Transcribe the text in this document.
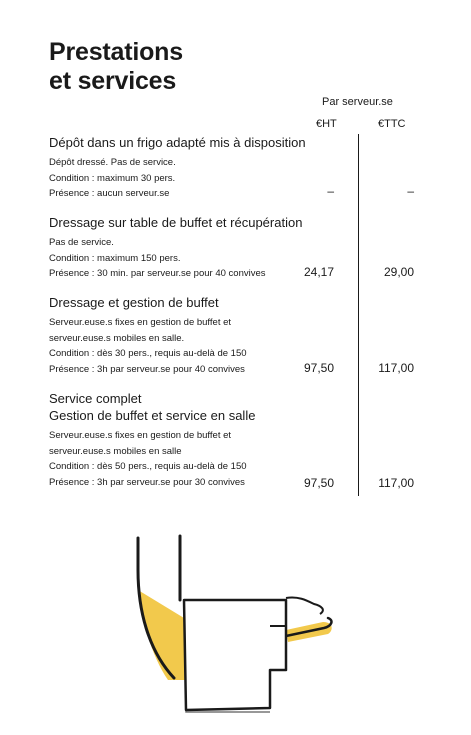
Prestations
et services
Par serveur.se
€HT	€TTC
Dépôt dans un frigo adapté mis à disposition
Dépôt dressé. Pas de service.
Condition : maximum 30 pers.
Présence : aucun serveur.se	–	–
Dressage sur table de buffet et récupération
Pas de service.
Condition : maximum 150 pers.
Présence : 30 min. par serveur.se pour 40 convives	24,17	29,00
Dressage et gestion de buffet
Serveur.euse.s fixes en gestion de buffet et
serveur.euse.s mobiles en salle.
Condition : dès 30 pers., requis au-delà de 150
Présence : 3h par serveur.se pour 40 convives	97,50	117,00
Service complet
Gestion de buffet et service en salle
Serveur.euse.s fixes en gestion de buffet et
serveur.euse.s mobiles en salle
Condition : dès 50 pers., requis au-delà de 150
Présence : 3h par serveur.se pour 30 convives	97,50	117,00
